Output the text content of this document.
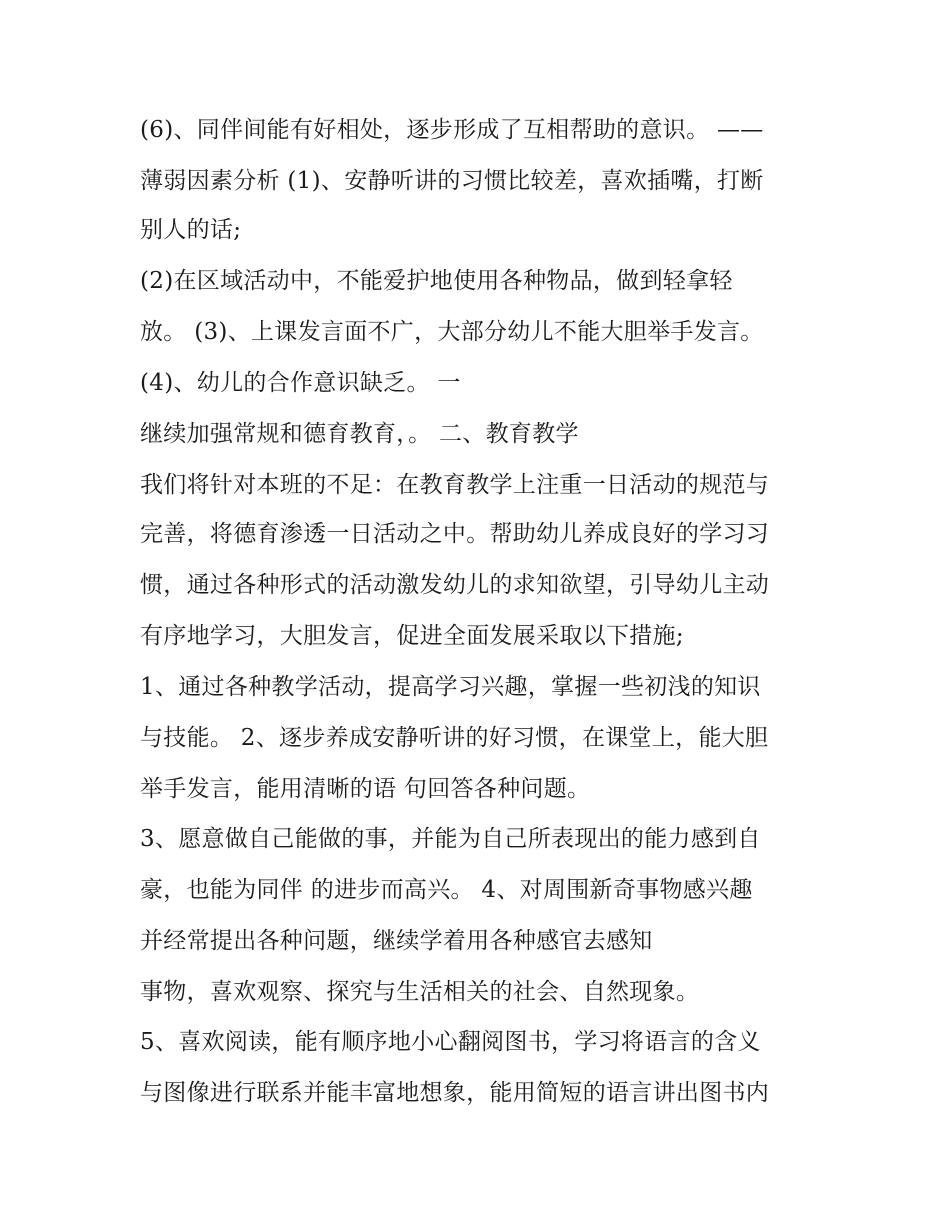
(6)、同伴间能有好相处，逐步形成了互相帮助的意识。 ——
薄弱因素分析 (1)、安静听讲的习惯比较差，喜欢插嘴，打断
别人的话;
(2)在区域活动中，不能爱护地使用各种物品，做到轻拿轻
放。 (3)、上课发言面不广，大部分幼儿不能大胆举手发言。
(4)、幼儿的合作意识缺乏。 一
继续加强常规和德育教育，。 二、教育教学
我们将针对本班的不足：在教育教学上注重一日活动的规范与
完善，将德育渗透一日活动之中。帮助幼儿养成良好的学习习
惯，通过各种形式的活动激发幼儿的求知欲望，引导幼儿主动
有序地学习，大胆发言，促进全面发展采取以下措施;
1、通过各种教学活动，提高学习兴趣，掌握一些初浅的知识
与技能。 2、逐步养成安静听讲的好习惯，在课堂上，能大胆
举手发言，能用清晰的语 句回答各种问题。
3、愿意做自己能做的事，并能为自己所表现出的能力感到自
豪，也能为同伴 的进步而高兴。 4、对周围新奇事物感兴趣
并经常提出各种问题，继续学着用各种感官去感知
事物，喜欢观察、探究与生活相关的社会、自然现象。
5、喜欢阅读，能有顺序地小心翻阅图书，学习将语言的含义
与图像进行联系并能丰富地想象，能用简短的语言讲出图书内
